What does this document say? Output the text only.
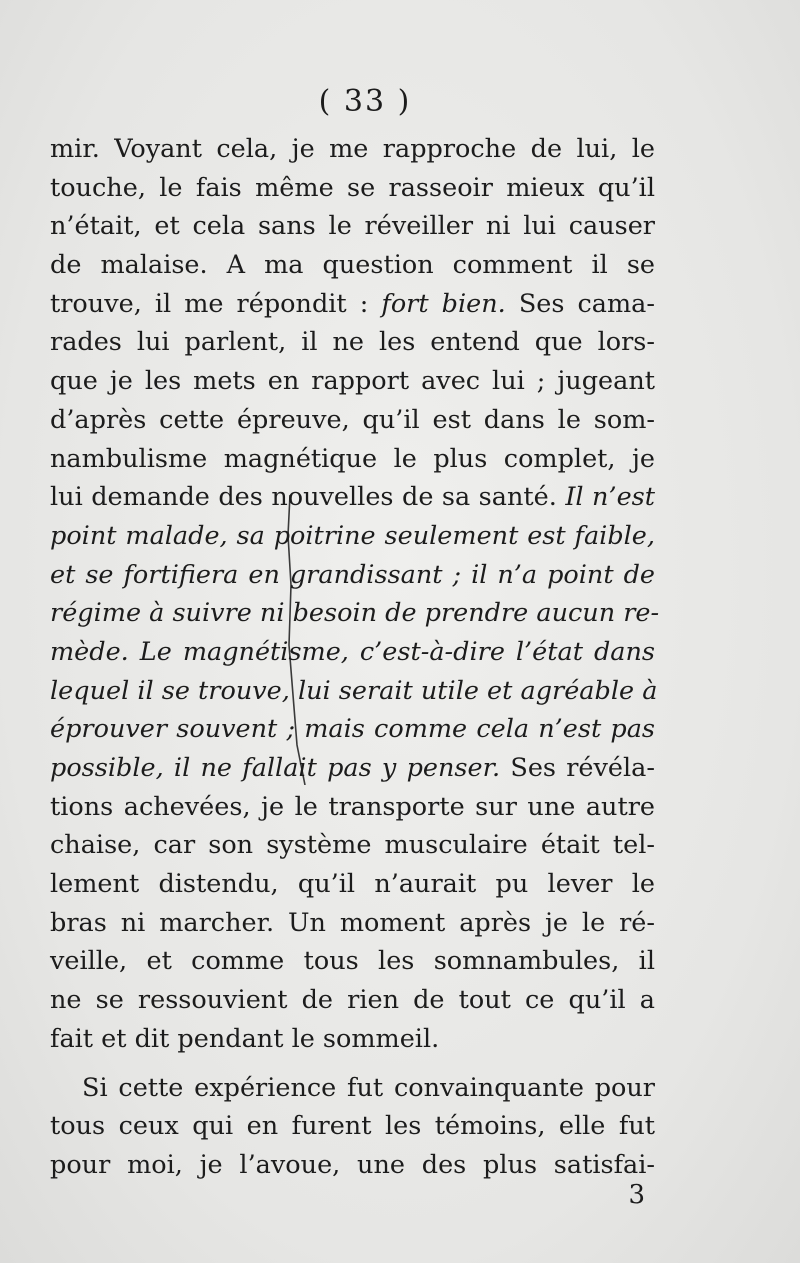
( 33 )
mir. Voyant cela, je me rapproche de lui, le
touche, le fais même se rasseoir mieux qu’il
n’était, et cela sans le réveiller ni lui causer
de malaise. A ma question comment il se
trouve, il me répondit : fort bien. Ses cama-
rades lui parlent, il ne les entend que lors-
que je les mets en rapport avec lui ; jugeant
d’après cette épreuve, qu’il est dans le som-
nambulisme magnétique le plus complet, je
lui demande des nouvelles de sa santé. Il n’est
point malade, sa poitrine seulement est faible,
et se fortifiera en grandissant ; il n’a point de
régime à suivre ni besoin de prendre aucun re-
mède. Le magnétisme, c’est-à-dire l’état dans
lequel il se trouve, lui serait utile et agréable à
éprouver souvent ; mais comme cela n’est pas
possible, il ne fallait pas y penser. Ses révéla-
tions achevées, je le transporte sur une autre
chaise, car son système musculaire était tel-
lement distendu, qu’il n’aurait pu lever le
bras ni marcher. Un moment après je le ré-
veille, et comme tous les somnambules, il
ne se ressouvient de rien de tout ce qu’il a
fait et dit pendant le sommeil.
Si cette expérience fut convainquante pour
tous ceux qui en furent les témoins, elle fut
pour moi, je l’avoue, une des plus satisfai-
3
